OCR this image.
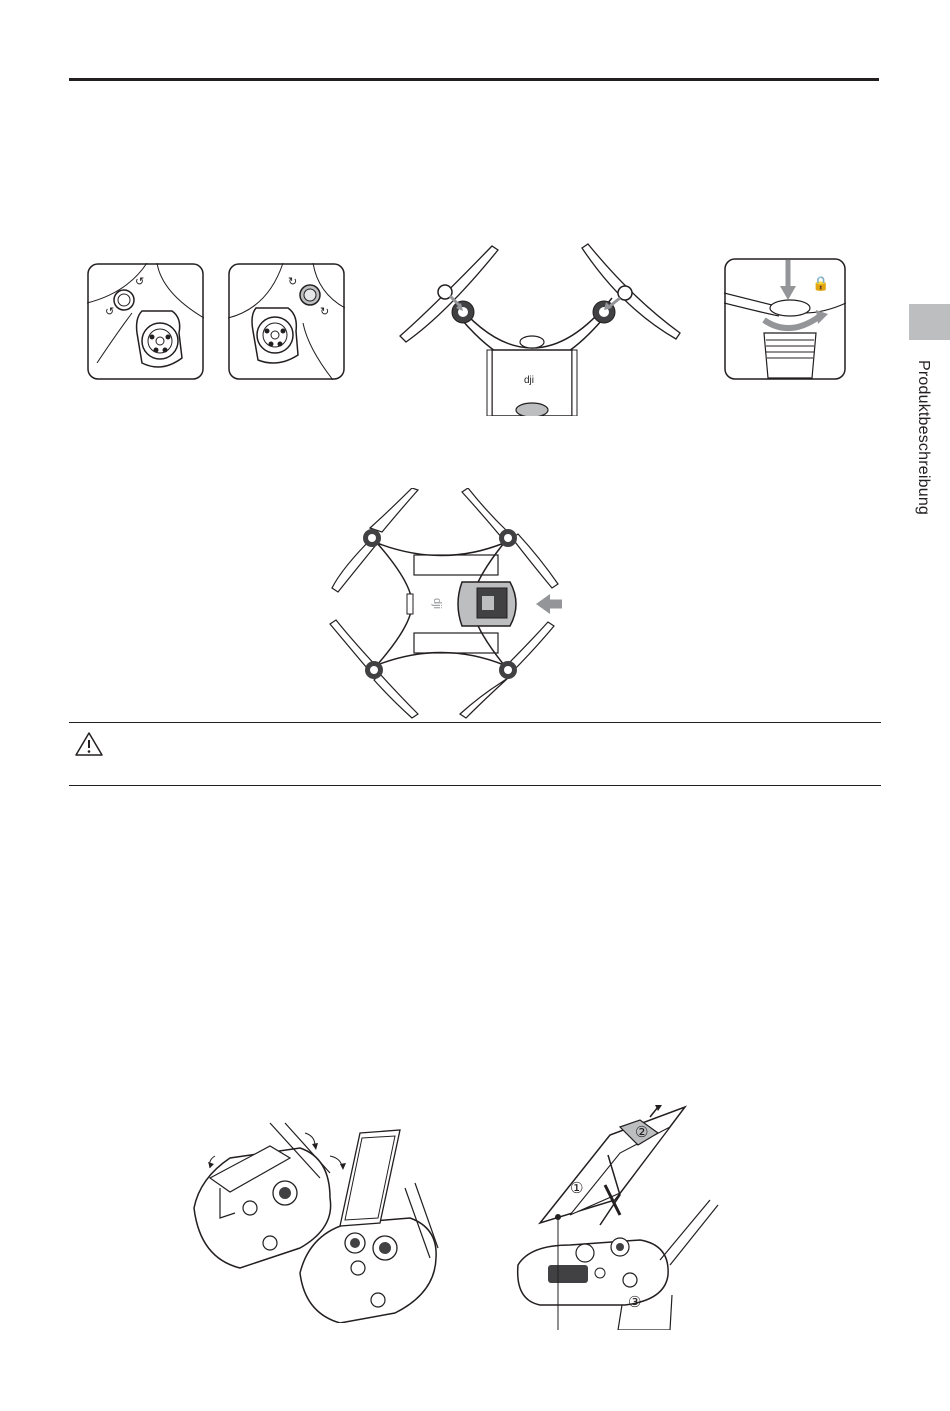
Produktbeschreibung
↺
↺	↻
↻
dji
🔒
dji
①
②
③
